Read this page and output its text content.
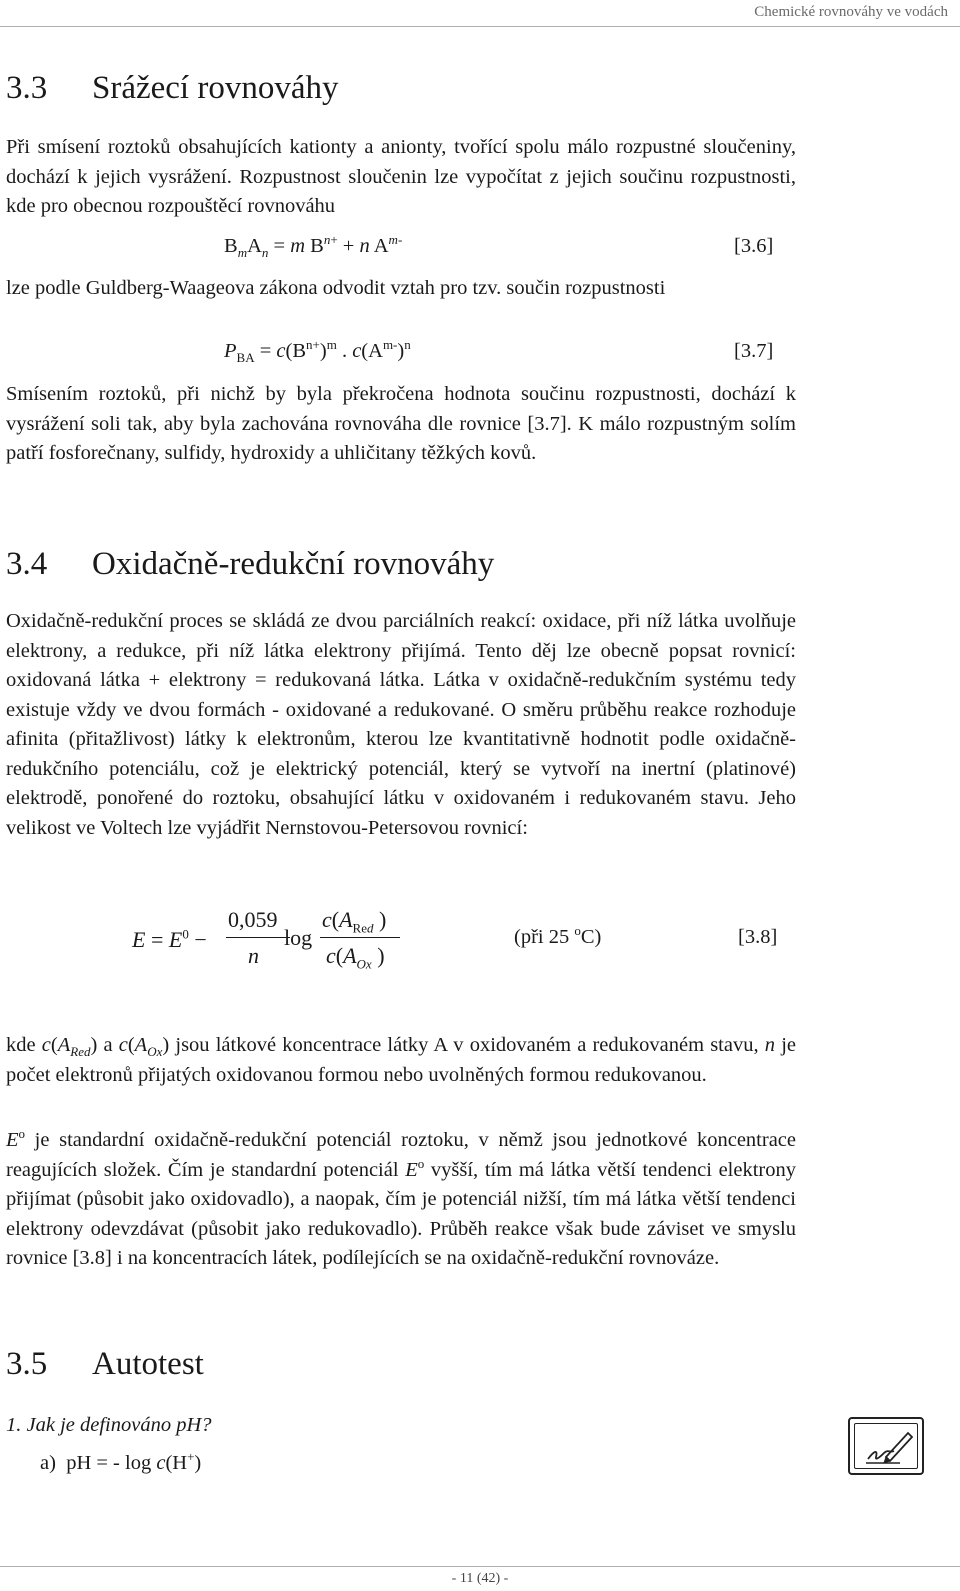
Chemické rovnováhy ve vodách
3.3 Srážecí rovnováhy
Při smísení roztoků obsahujících kationty a anionty, tvořící spolu málo rozpustné sloučeniny, dochází k jejich vysrážení. Rozpustnost sloučenin lze vypočítat z jejich součinu rozpustnosti, kde pro obecnou rozpouštěcí rovnováhu
$B_mA_n = m$ $B^{n+} + n$ $A^{m-}$	[3.6]
lze podle Guldberg-Waageova zákona odvodit vztah pro tzv. součin rozpustnosti
$P_{BA} = c(B^{n+})^m$ . $c(A^{m-})^n$	[3.7]
Smísením roztoků, při nichž by byla překročena hodnota součinu rozpustnosti, dochází k vysrážení soli tak, aby byla zachována rovnováha dle rovnice [3.7]. K málo rozpustným solím patří fosforečnany, sulfidy, hydroxidy a uhličitany těžkých kovů.
3.4 Oxidačně-redukční rovnováhy
Oxidačně-redukční proces se skládá ze dvou parciálních reakcí: oxidace, při níž látka uvolňuje elektrony, a redukce, při níž látka elektrony přijímá. Tento děj lze obecně popsat rovnicí: oxidovaná látka + elektrony = redukovaná látka. Látka v oxidačně-redukčním systému tedy existuje vždy ve dvou formách - oxidované a redukované. O směru průběhu reakce rozhoduje afinita (přitažlivost) látky k elektronům, kterou lze kvantitativně hodnotit podle oxidačně-redukčního potenciálu, což je elektrický potenciál, který se vytvoří na inertní (platinové) elektrodě, ponořené do roztoku, obsahující látku v oxidovaném i redukovaném stavu. Jeho velikost ve Voltech lze vyjádřit Nernstovou-Petersovou rovnicí:
$E = E^0$ −
0,059
n
log
$c(A_{Red}$ )
$c(A_{Ox}$ )
(při 25 $^o$C)	[3.8]
kde $c(A_{Red})$ a $c(A_{Ox})$ jsou látkové koncentrace látky A v oxidovaném a redukovaném stavu, n je počet elektronů přijatých oxidovanou formou nebo uvolněných formou redukovanou.
$E^o$ je standardní oxidačně-redukční potenciál roztoku, v němž jsou jednotkové koncentrace reagujících složek. Čím je standardní potenciál $E^o$ vyšší, tím má látka větší tendenci elektrony přijímat (působit jako oxidovadlo), a naopak, čím je potenciál nižší, tím má látka větší tendenci elektrony odevzdávat (působit jako redukovadlo). Průběh reakce však bude záviset ve smyslu rovnice [3.8] i na koncentracích látek, podílejících se na oxidačně-redukční rovnováze.
3.5 Autotest
1. Jak je definováno pH?
a) pH = - log c(H+)
- 11 (42) -
